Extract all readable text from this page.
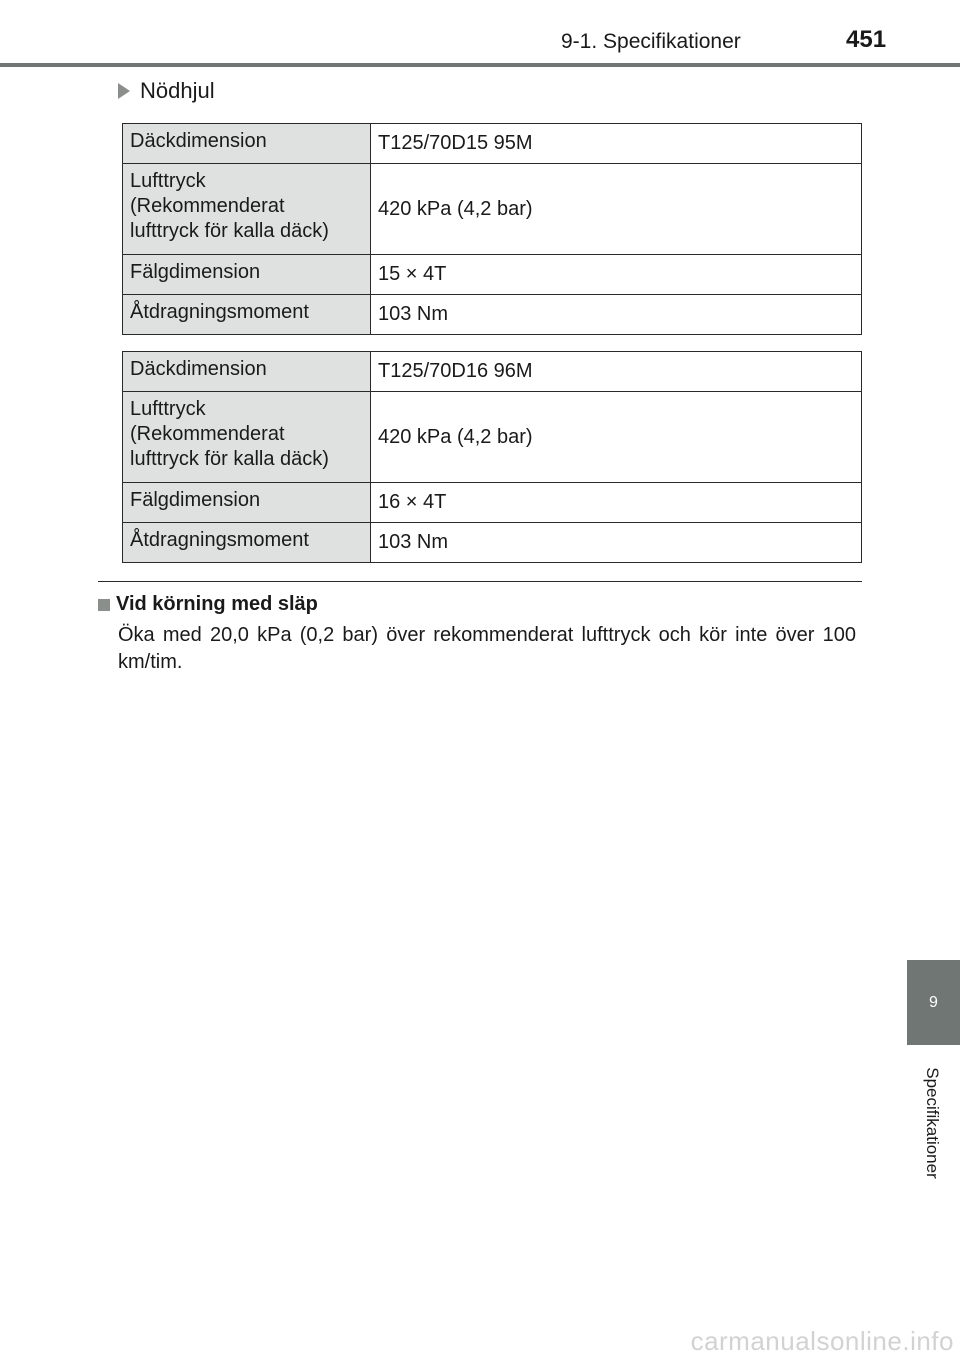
9-1. Specifikationer	451
Nödhjul
Däckdimension	T125/70D15 95M
Lufttryck
(Rekommenderat
lufttryck för kalla däck)	420 kPa (4,2 bar)
Fälgdimension	15 × 4T
Åtdragningsmoment	103 Nm
Däckdimension	T125/70D16 96M
Lufttryck
(Rekommenderat
lufttryck för kalla däck)	420 kPa (4,2 bar)
Fälgdimension	16 × 4T
Åtdragningsmoment	103 Nm
Vid körning med släp
Öka med 20,0 kPa (0,2 bar) över rekommenderat lufttryck och kör inte över 100 km/tim.
9
Specifikationer
carmanualsonline.info
